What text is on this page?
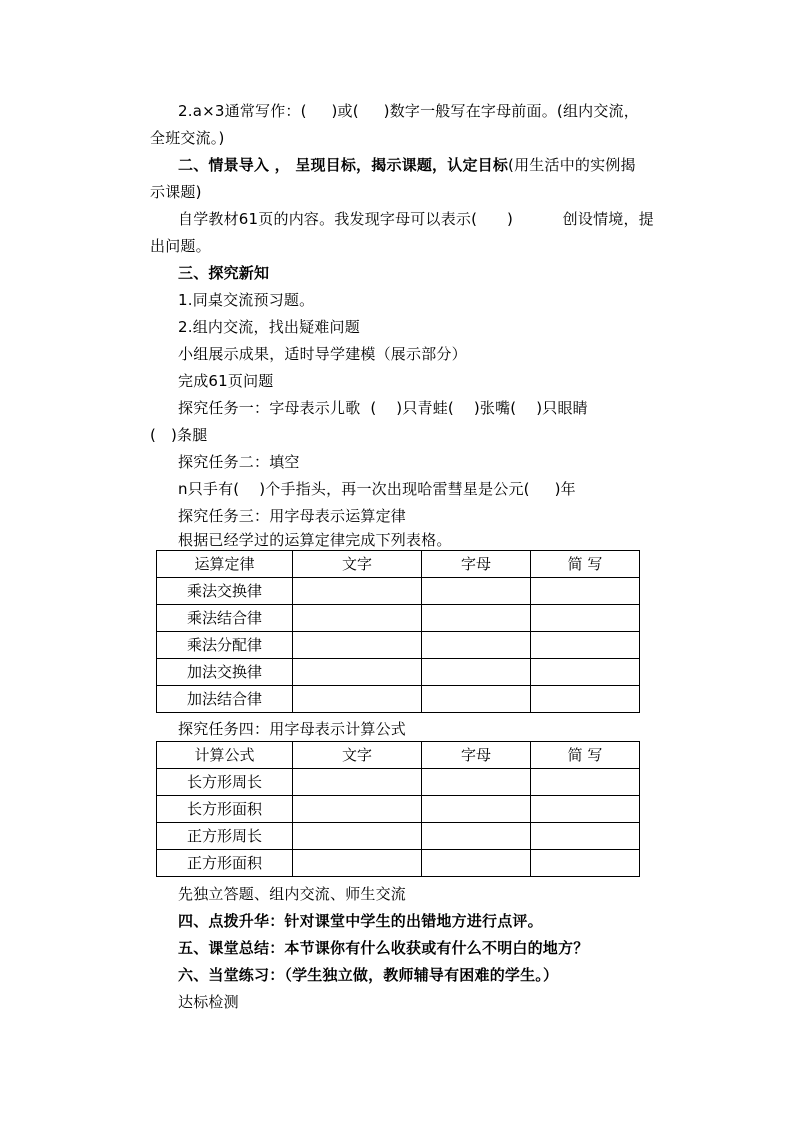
2.a×3通常写作：(     )或(     )数字一般写在字母前面。(组内交流，
全班交流。)
二、情景导入 ， 呈现目标，揭示课题，认定目标(用生活中的实例揭
示课题)
自学教材61页的内容。我发现字母可以表示(      )          创设情境，提
出问题。
三、探究新知
1.同桌交流预习题。
2.组内交流，找出疑难问题
小组展示成果，适时导学建模（展示部分）
完成61页问题
探究任务一：字母表示儿歌  (    )只青蛙(    )张嘴(    )只眼睛
(   )条腿
探究任务二：填空
n只手有(    )个手指头，再一次出现哈雷彗星是公元(     )年
探究任务三：用字母表示运算定律
根据已经学过的运算定律完成下列表格。
运算定律	文字	字母	简 写
乘法交换律			
乘法结合律			
乘法分配律			
加法交换律			
加法结合律			
探究任务四：用字母表示计算公式
计算公式	文字	字母	简 写
长方形周长			
长方形面积			
正方形周长			
正方形面积			
先独立答题、组内交流、师生交流
四、点拨升华：针对课堂中学生的出错地方进行点评。
五、课堂总结：本节课你有什么收获或有什么不明白的地方？
六、当堂练习：（学生独立做，教师辅导有困难的学生。）
达标检测
